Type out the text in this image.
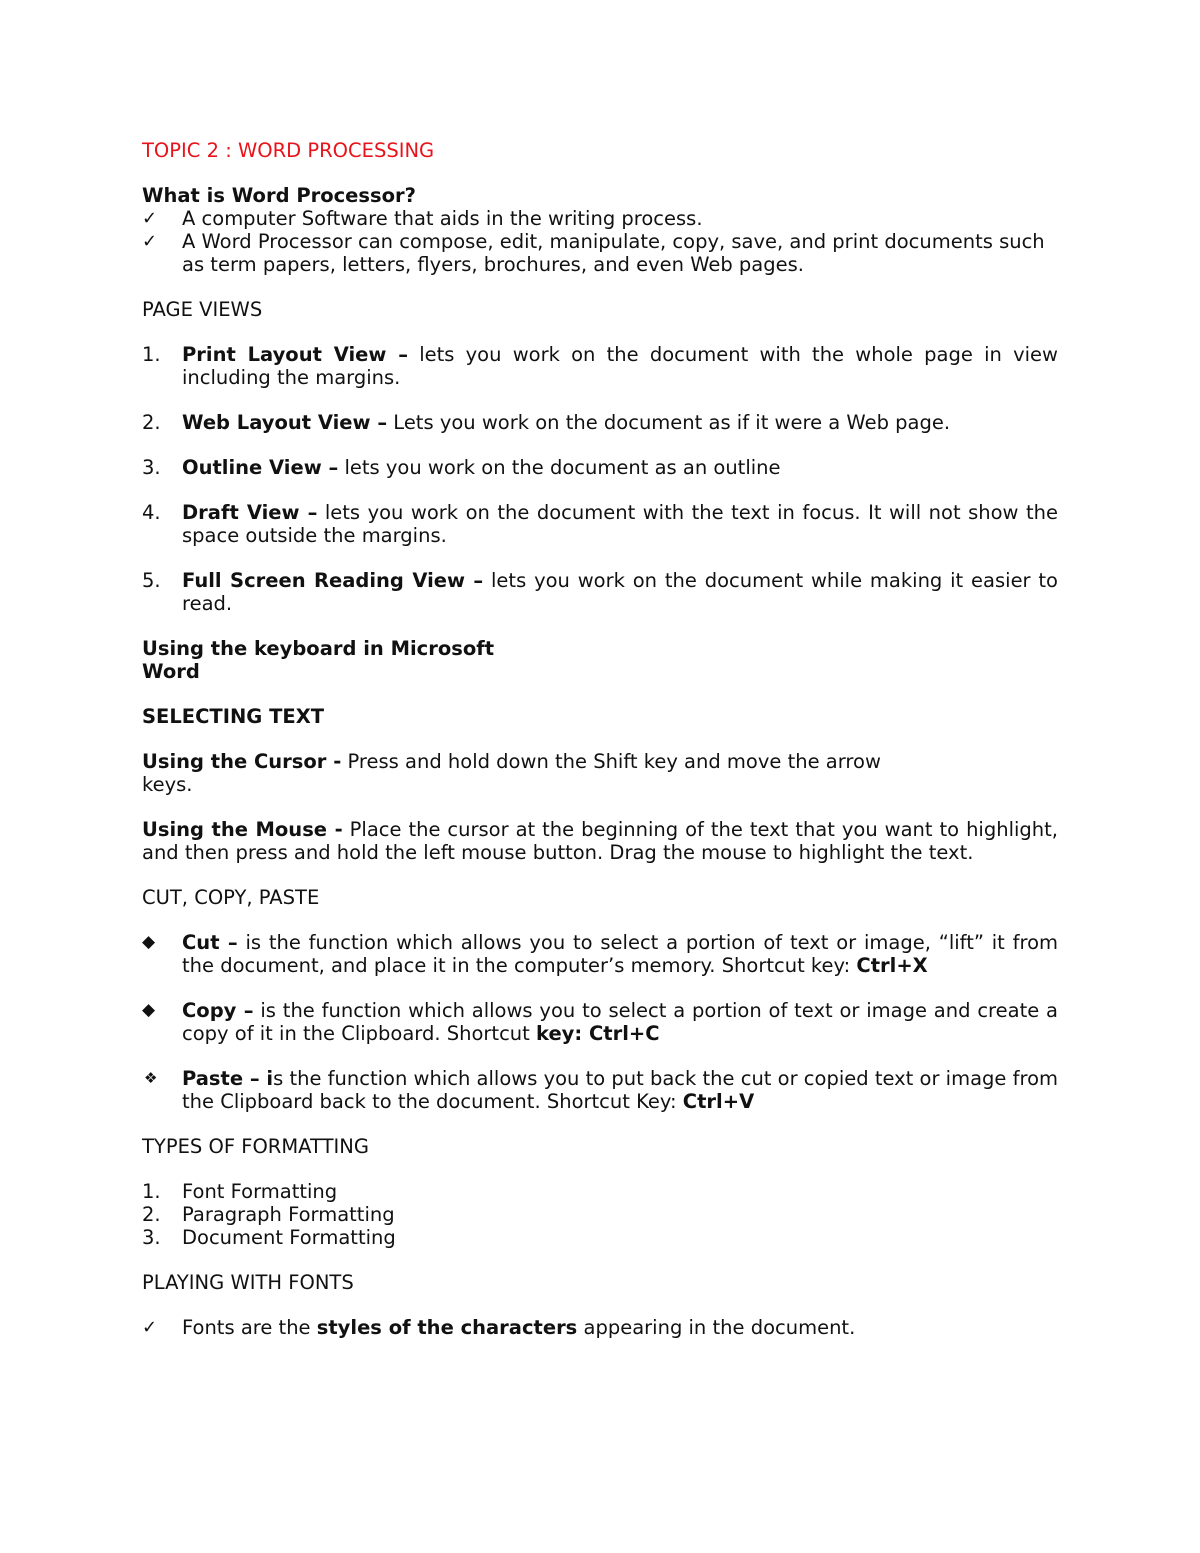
TOPIC 2 : WORD PROCESSING

What is Word Processor?

✓	A computer Software that aids in the writing process.
✓	A Word Processor can compose, edit, manipulate, copy, save, and print documents such as term papers, letters, flyers, brochures, and even Web pages.

PAGE VIEWS

1.	Print Layout View – lets you work on the document with the whole page in view including the margins.
2.	Web Layout View – Lets you work on the document as if it were a Web page.
3.	Outline View – lets you work on the document as an outline
4.	Draft View – lets you work on the document with the text in focus. It will not show the space outside the margins.
5.	Full Screen Reading View – lets you work on the document while making it easier to read.

Using the keyboard in Microsoft

Word

SELECTING TEXT

Using the Cursor - Press and hold down the Shift key and move the arrow

keys.

Using the Mouse - Place the cursor at the beginning of the text that you want to highlight, and then press and hold the left mouse button. Drag the mouse to highlight the text.

CUT, COPY, PASTE

◆	Cut – is the function which allows you to select a portion of text or image, “lift” it from the document, and place it in the computer’s memory. Shortcut key: Ctrl+X
◆	Copy – is the function which allows you to select a portion of text or image and create a copy of it in the Clipboard. Shortcut key: Ctrl+C
❖	Paste – is the function which allows you to put back the cut or copied text or image from the Clipboard back to the document. Shortcut Key: Ctrl+V

TYPES OF FORMATTING

1.	Font Formatting
2.	Paragraph Formatting
3.	Document Formatting

PLAYING WITH FONTS

✓	Fonts are the styles of the characters appearing in the document.
